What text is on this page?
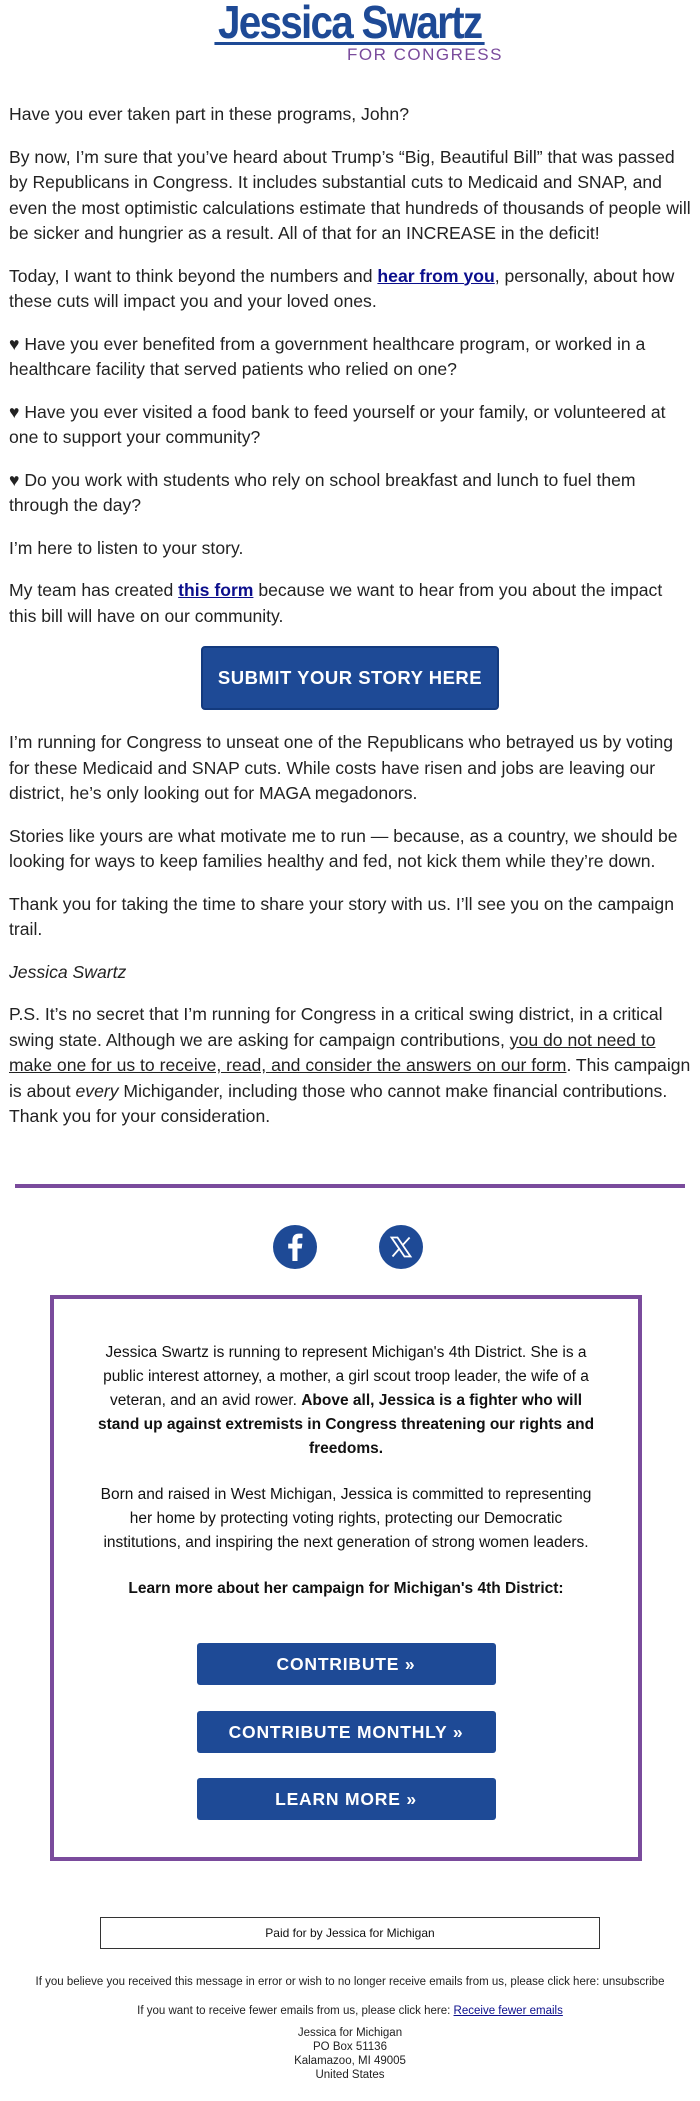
Jessica Swartz
FOR CONGRESS

Have you ever taken part in these programs, John?

By now, I’m sure that you’ve heard about Trump’s “Big, Beautiful Bill” that was passed by Republicans in Congress. It includes substantial cuts to Medicaid and SNAP, and even the most optimistic calculations estimate that hundreds of thousands of people will be sicker and hungrier as a result. All of that for an INCREASE in the deficit!

Today, I want to think beyond the numbers and hear from you, personally, about how these cuts will impact you and your loved ones.

♥ Have you ever benefited from a government healthcare program, or worked in a healthcare facility that served patients who relied on one?

♥ Have you ever visited a food bank to feed yourself or your family, or volunteered at one to support your community?

♥ Do you work with students who rely on school breakfast and lunch to fuel them through the day?

I’m here to listen to your story.

My team has created this form because we want to hear from you about the impact this bill will have on our community.

SUBMIT YOUR STORY HERE

I’m running for Congress to unseat one of the Republicans who betrayed us by voting for these Medicaid and SNAP cuts. While costs have risen and jobs are leaving our district, he’s only looking out for MAGA megadonors.

Stories like yours are what motivate me to run — because, as a country, we should be looking for ways to keep families healthy and fed, not kick them while they’re down.

Thank you for taking the time to share your story with us. I’ll see you on the campaign trail.

Jessica Swartz

P.S. It’s no secret that I’m running for Congress in a critical swing district, in a critical swing state. Although we are asking for campaign contributions, you do not need to make one for us to receive, read, and consider the answers on our form. This campaign is about every Michigander, including those who cannot make financial contributions. Thank you for your consideration.

Jessica Swartz is running to represent Michigan's 4th District. She is a public interest attorney, a mother, a girl scout troop leader, the wife of a veteran, and an avid rower. Above all, Jessica is a fighter who will stand up against extremists in Congress threatening our rights and freedoms.

Born and raised in West Michigan, Jessica is committed to representing her home by protecting voting rights, protecting our Democratic institutions, and inspiring the next generation of strong women leaders.

Learn more about her campaign for Michigan's 4th District:

CONTRIBUTE »
CONTRIBUTE MONTHLY »
LEARN MORE »
Paid for by Jessica for Michigan
If you believe you received this message in error or wish to no longer receive emails from us, please click here: unsubscribe
If you want to receive fewer emails from us, please click here: Receive fewer emails
Jessica for Michigan
PO Box 51136
Kalamazoo, MI 49005
United States
